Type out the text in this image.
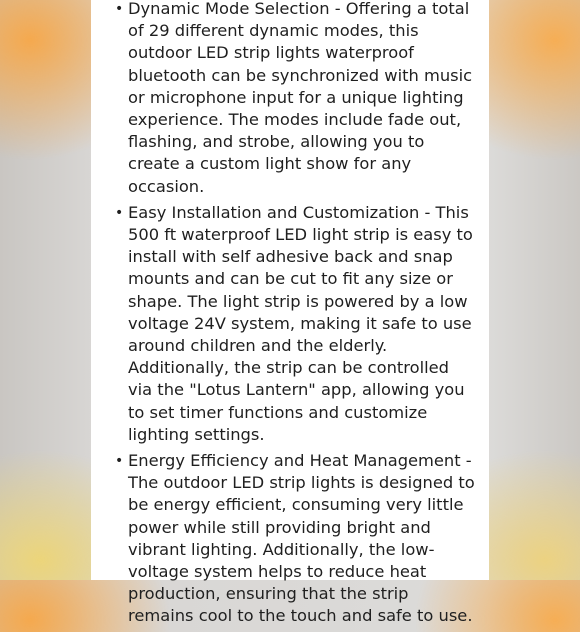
• Dynamic Mode Selection - Offering a total of 29 different dynamic modes, this outdoor LED strip lights waterproof bluetooth can be synchronized with music or microphone input for a unique lighting experience. The modes include fade out, flashing, and strobe, allowing you to create a custom light show for any occasion.
• Easy Installation and Customization - This 500 ft waterproof LED light strip is easy to install with self adhesive back and snap mounts and can be cut to fit any size or shape. The light strip is powered by a low voltage 24V system, making it safe to use around children and the elderly. Additionally, the strip can be controlled via the "Lotus Lantern" app, allowing you to set timer functions and customize lighting settings.
• Energy Efficiency and Heat Management - The outdoor LED strip lights is designed to be energy efficient, consuming very little power while still providing bright and vibrant lighting. Additionally, the low-voltage system helps to reduce heat production, ensuring that the strip remains cool to the touch and safe to use.
